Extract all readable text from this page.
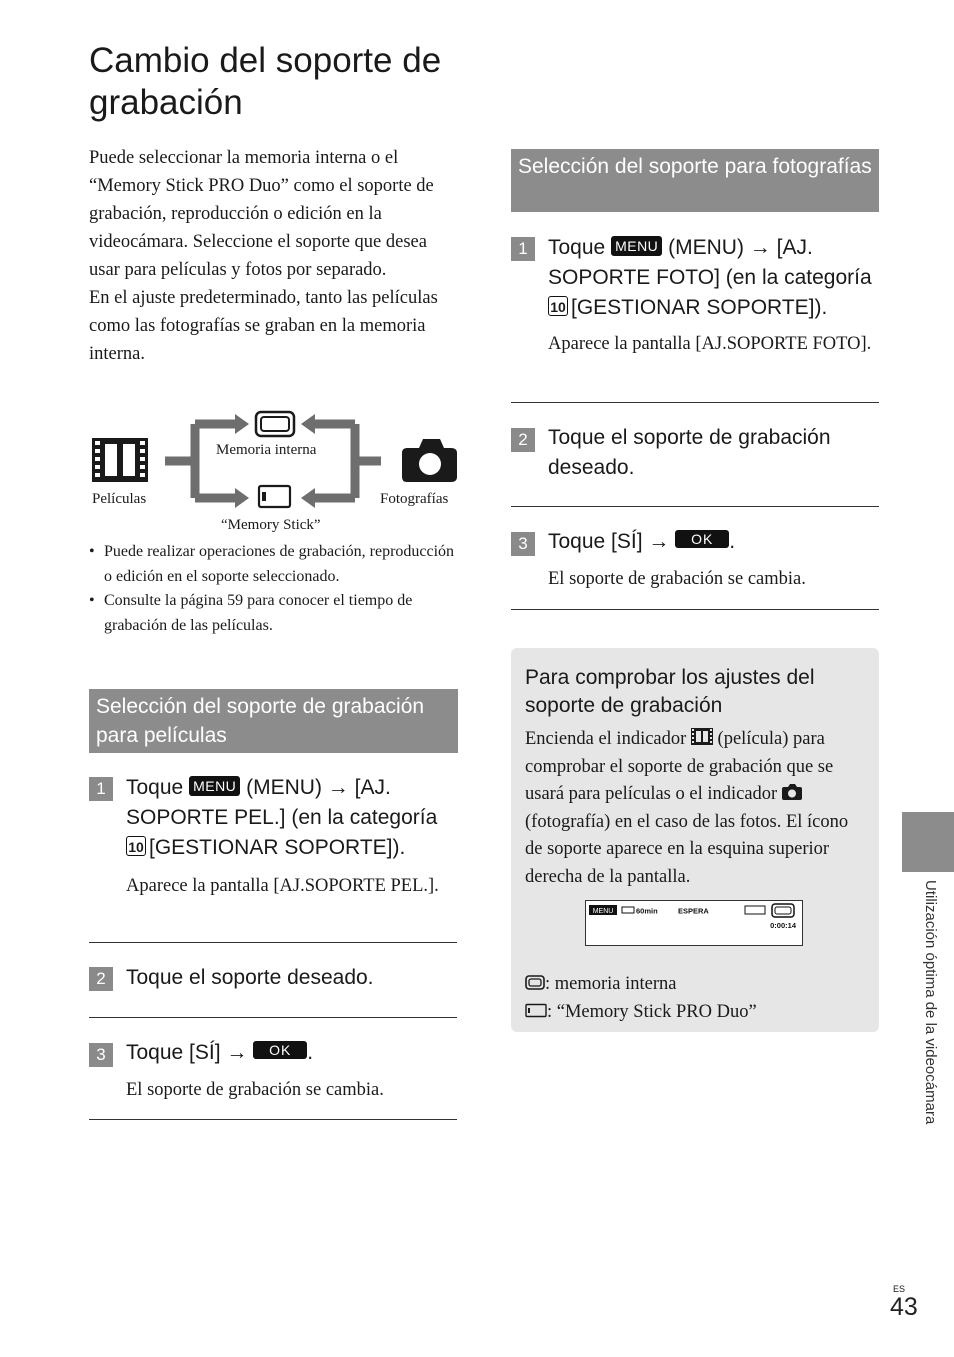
Cambio del soporte de grabación

Puede seleccionar la memoria interna o el “Memory Stick PRO Duo” como el soporte de grabación, reproducción o edición en la videocámara. Seleccione el soporte que desea usar para películas y fotos por separado.

En el ajuste predeterminado, tanto las películas como las fotografías se graban en la memoria interna.

Películas
Memoria interna
Fotografías
“Memory Stick”
• Puede realizar operaciones de grabación, reproducción o edición en el soporte seleccionado.
• Consulte la página 59 para conocer el tiempo de grabación de las películas.
Selección del soporte de grabación para películas
1 Toque MENU (MENU) → [AJ. SOPORTE PEL.] (en la categoría 10 [GESTIONAR SOPORTE]).
Aparece la pantalla [AJ.SOPORTE PEL.].
2 Toque el soporte deseado.
3 Toque [SÍ] → OK .
El soporte de grabación se cambia.
Selección del soporte para fotografías
1 Toque MENU (MENU) → [AJ. SOPORTE FOTO] (en la categoría 10 [GESTIONAR SOPORTE]).
Aparece la pantalla [AJ.SOPORTE FOTO].
2 Toque el soporte de grabación deseado.
3 Toque [SÍ] → OK .
El soporte de grabación se cambia.
Para comprobar los ajustes del soporte de grabación
Encienda el indicador (película) para comprobar el soporte de grabación que se usará para películas o el indicador  (fotografía) en el caso de las fotos. El ícono de soporte aparece en la esquina superior derecha de la pantalla.
MENU	60min	ESPERA
0:00:14
: memoria interna
: “Memory Stick PRO Duo”	Utilización óptima de la videocámara
ES
43
